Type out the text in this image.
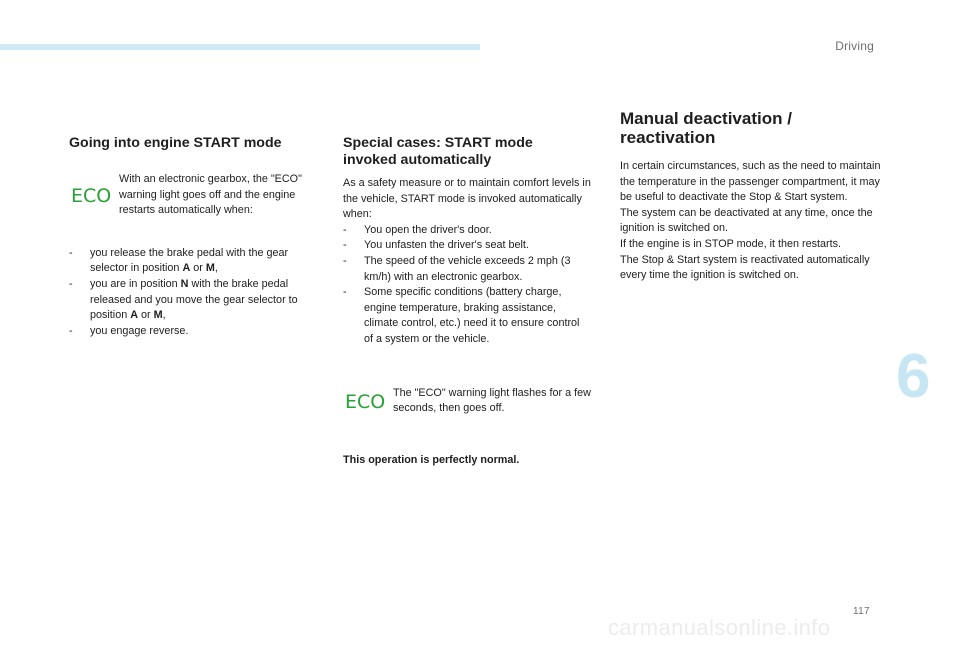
Driving
6
Going into engine START mode
ECO
With an electronic gearbox, the "ECO" warning light goes off and the engine restarts automatically when:
- you release the brake pedal with the gear selector in position A or M,
- you are in position N with the brake pedal released and you move the gear selector to position A or M,
- you engage reverse.
Special cases: START mode
invoked automatically
As a safety measure or to maintain comfort levels in the vehicle, START mode is invoked automatically when:
- You open the driver's door.
- You unfasten the driver's seat belt.
- The speed of the vehicle exceeds 2 mph (3 km/h) with an electronic gearbox.
- Some specific conditions (battery charge, engine temperature, braking assistance, climate control, etc.) need it to ensure control of a system or the vehicle.
ECO The "ECO" warning light flashes for a few seconds, then goes off.
This operation is perfectly normal.
Manual deactivation /
reactivation
In certain circumstances, such as the need to maintain the temperature in the passenger compartment, it may be useful to deactivate the Stop & Start system.
The system can be deactivated at any time, once the ignition is switched on.
If the engine is in STOP mode, it then restarts.
The Stop & Start system is reactivated automatically every time the ignition is switched on.
117
carmanualsonline.info
